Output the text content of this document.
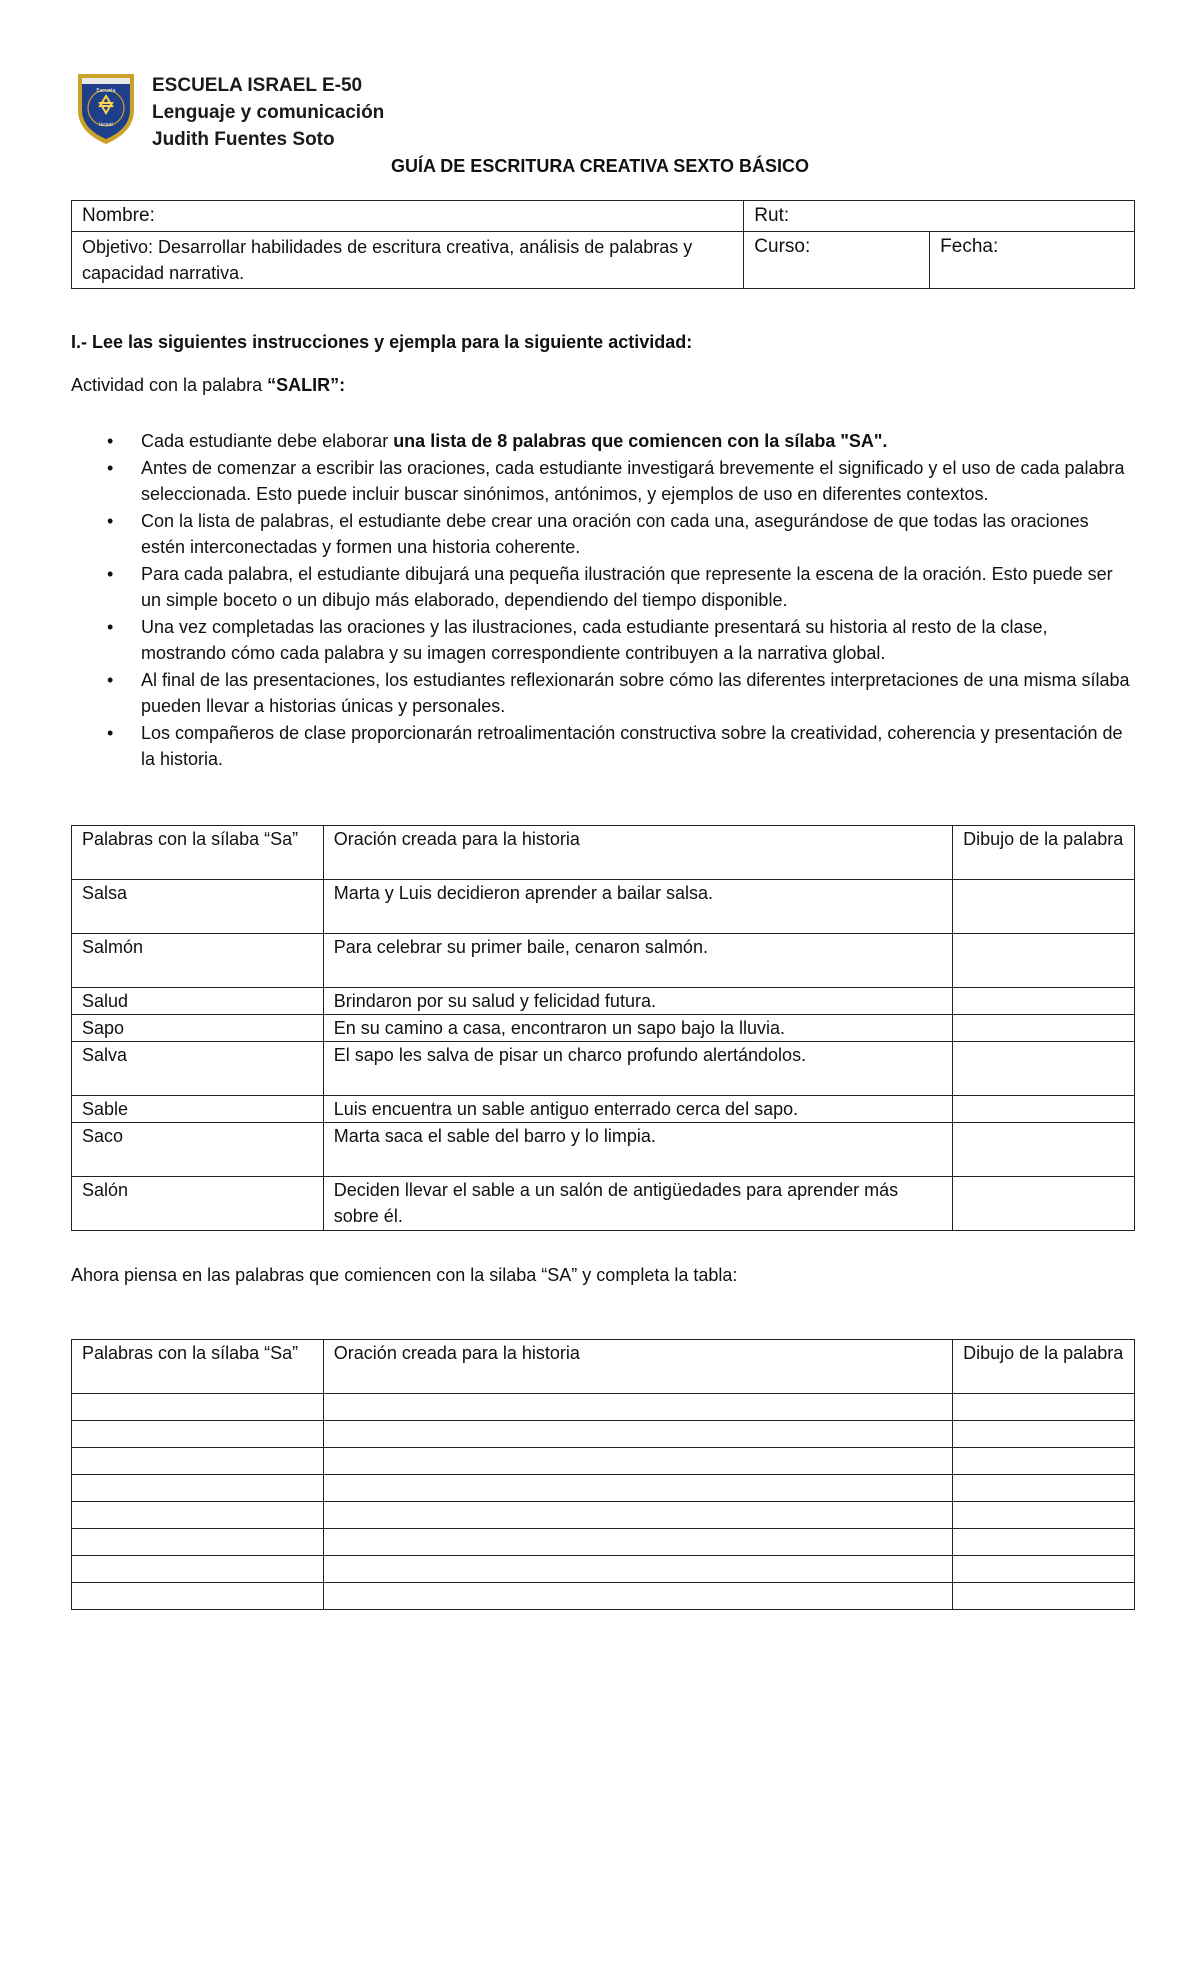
Escuela
Israel
ESCUELA ISRAEL E-50
Lenguaje y comunicación
Judith Fuentes Soto
GUÍA DE ESCRITURA CREATIVA SEXTO BÁSICO
Nombre:	Rut:	
Objetivo: Desarrollar habilidades de escritura creativa, análisis de palabras y capacidad narrativa.	Curso:	Fecha:
I.- Lee las siguientes instrucciones y ejempla para la siguiente actividad:
Actividad con la palabra “SALIR”:
• Cada estudiante debe elaborar una lista de 8 palabras que comiencen con la sílaba "SA".
• Antes de comenzar a escribir las oraciones, cada estudiante investigará brevemente el significado y el uso de cada palabra seleccionada. Esto puede incluir buscar sinónimos, antónimos, y ejemplos de uso en diferentes contextos.
• Con la lista de palabras, el estudiante debe crear una oración con cada una, asegurándose de que todas las oraciones estén interconectadas y formen una historia coherente.
• Para cada palabra, el estudiante dibujará una pequeña ilustración que represente la escena de la oración. Esto puede ser un simple boceto o un dibujo más elaborado, dependiendo del tiempo disponible.
• Una vez completadas las oraciones y las ilustraciones, cada estudiante presentará su historia al resto de la clase, mostrando cómo cada palabra y su imagen correspondiente contribuyen a la narrativa global.
• Al final de las presentaciones, los estudiantes reflexionarán sobre cómo las diferentes interpretaciones de una misma sílaba pueden llevar a historias únicas y personales.
• Los compañeros de clase proporcionarán retroalimentación constructiva sobre la creatividad, coherencia y presentación de la historia.
Palabras con la sílaba “Sa”	Oración creada para la historia	Dibujo de la palabra
Salsa	Marta y Luis decidieron aprender a bailar salsa.	
Salmón	Para celebrar su primer baile, cenaron salmón.	
Salud	Brindaron por su salud y felicidad futura.	
Sapo	En su camino a casa, encontraron un sapo bajo la lluvia.	
Salva	El sapo les salva de pisar un charco profundo alertándolos.	
Sable	Luis encuentra un sable antiguo enterrado cerca del sapo.	
Saco	Marta saca el sable del barro y lo limpia.	
Salón	Deciden llevar el sable a un salón de antigüedades para aprender más sobre él.	
Ahora piensa en las palabras que comiencen con la silaba “SA” y completa la tabla:
Palabras con la sílaba “Sa”	Oración creada para la historia	Dibujo de la palabra
